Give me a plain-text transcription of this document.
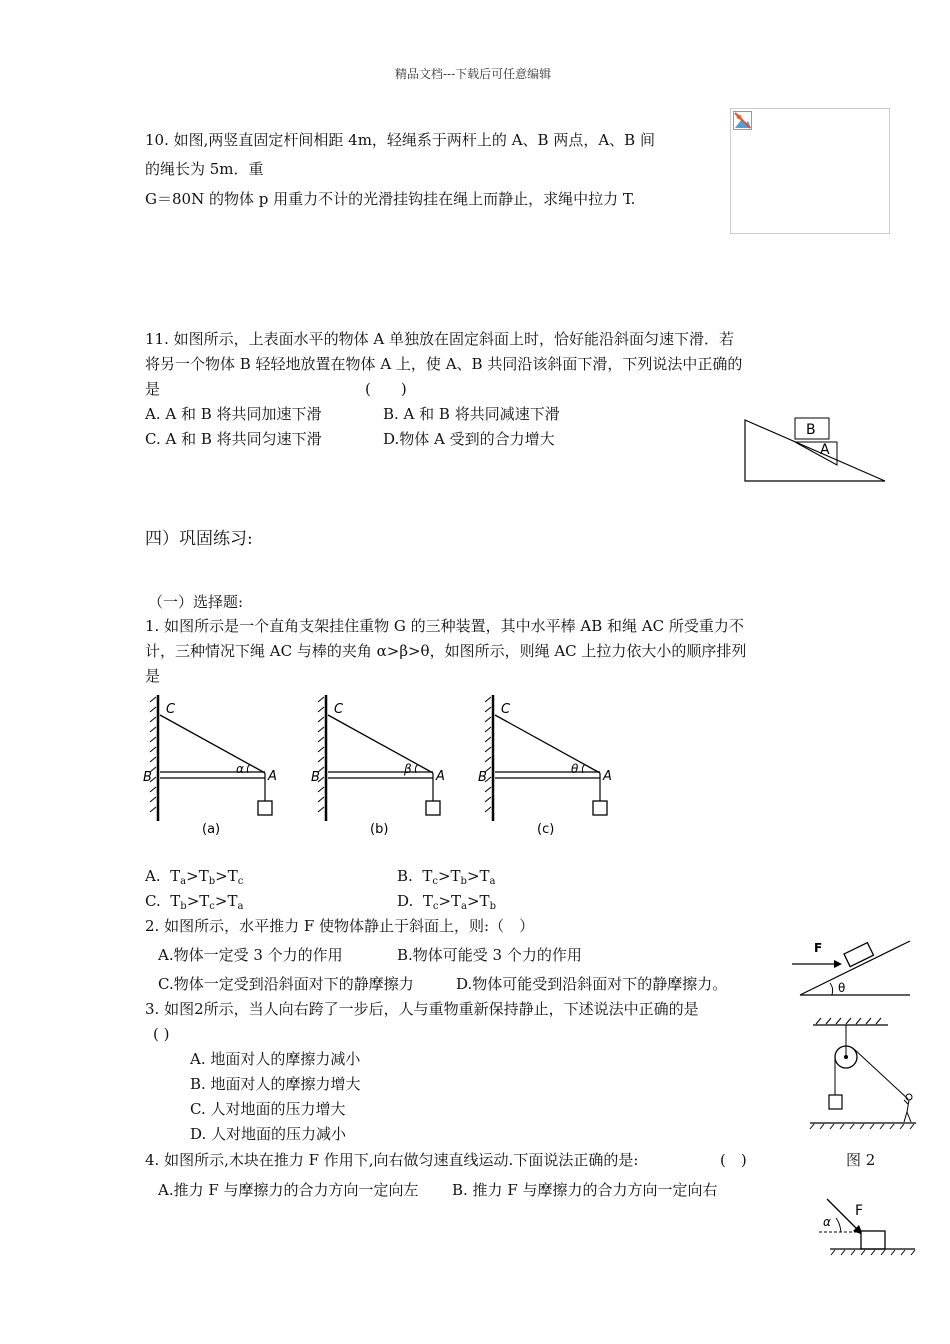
精品文档---下载后可任意编辑
10. 如图,两竖直固定杆间相距 4m，轻绳系于两杆上的 A、B 两点，A、B 间
的绳长为 5m．重
G＝80N 的物体 p 用重力不计的光滑挂钩挂在绳上而静止，求绳中拉力 T.
11. 如图所示，上表面水平的物体 A 单独放在固定斜面上时，恰好能沿斜面匀速下滑．若
将另一个物体 B 轻轻地放置在物体 A 上，使 A、B 共同沿该斜面下滑，下列说法中正确的
是	(　　)
A. A 和 B 将共同加速下滑	B. A 和 B 将共同减速下滑
C. A 和 B 将共同匀速下滑	D.物体 A 受到的合力增大	B
A
四）巩固练习:
（一）选择题:
1. 如图所示是一个直角支架挂住重物 G 的三种装置，其中水平棒 AB 和绳 AC 所受重力不
计，三种情况下绳 AC 与棒的夹角 α>β>θ，如图所示，则绳 AC 上拉力依大小的顺序排列
是
C
B	A
α
(a)
C
B	A
β
(b)
C
B	A
θ
(c)
A. $T_a>T_b>T_c$	B. $T_c>T_b>T_a$
C. $T_b>T_c>T_a$	D. $T_c>T_a>T_b$
2. 如图所示，水平推力 F 使物体静止于斜面上，则:（　）
A.物体一定受 3 个力的作用	B.物体可能受 3 个力的作用
C.物体一定受到沿斜面对下的静摩擦力	D.物体可能受到沿斜面对下的静摩擦力。
F
θ
3. 如图2所示，当人向右跨了一步后，人与重物重新保持静止，下述说法中正确的是
( )
A. 地面对人的摩擦力减小
B. 地面对人的摩擦力增大
C. 人对地面的压力增大
D. 人对地面的压力减小
图 2
4. 如图所示,木块在推力 F 作用下,向右做匀速直线运动.下面说法正确的是:	(　)
A.推力 F 与摩擦力的合力方向一定向左 B. 推力 F 与摩擦力的合力方向一定向右
F
α
